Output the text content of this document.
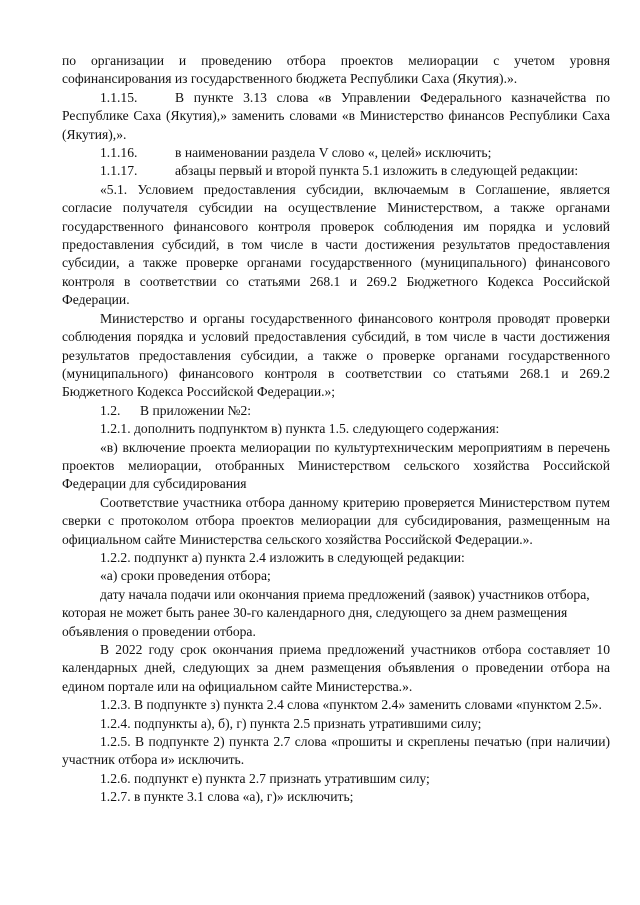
по организации и проведению отбора проектов мелиорации с учетом уровня софинансирования из государственного бюджета Республики Саха (Якутия).».

1.1.15.	В пункте 3.13 слова «в Управлении Федерального казначейства по Республике Саха (Якутия),» заменить словами «в Министерство финансов Республики Саха (Якутия),».

1.1.16.	в наименовании раздела V слово «, целей» исключить;

1.1.17.	абзацы первый и второй пункта 5.1 изложить в следующей редакции:

«5.1. Условием предоставления субсидии, включаемым в Соглашение, является согласие получателя субсидии на осуществление Министерством, а также органами государственного финансового контроля проверок соблюдения им порядка и условий предоставления субсидий, в том числе в части достижения результатов предоставления субсидии, а также проверке органами государственного (муниципального) финансового контроля в соответствии со статьями 268.1 и 269.2 Бюджетного Кодекса Российской Федерации.

Министерство и органы государственного финансового контроля проводят проверки соблюдения порядка и условий предоставления субсидий, в том числе в части достижения результатов предоставления субсидии, а также о проверке органами государственного (муниципального) финансового контроля в соответствии со статьями 268.1 и 269.2 Бюджетного Кодекса Российской Федерации.»;

1.2. В приложении №2:

1.2.1. дополнить подпунктом в) пункта 1.5. следующего содержания:

«в) включение проекта мелиорации по культуртехническим мероприятиям в перечень проектов мелиорации, отобранных Министерством сельского хозяйства Российской Федерации для субсидирования

Соответствие участника отбора данному критерию проверяется Министерством путем сверки с протоколом отбора проектов мелиорации для субсидирования, размещенным на официальном сайте Министерства сельского хозяйства Российской Федерации.».

1.2.2. подпункт а) пункта 2.4 изложить в следующей редакции:

«а) сроки проведения отбора;

дату начала подачи или окончания приема предложений (заявок) участников отбора, которая не может быть ранее 30-го календарного дня, следующего за днем размещения объявления о проведении отбора.

В 2022 году срок окончания приема предложений участников отбора составляет 10 календарных дней, следующих за днем размещения объявления о проведении отбора на едином портале или на официальном сайте Министерства.».

1.2.3. В подпункте з) пункта 2.4 слова «пунктом 2.4» заменить словами «пунктом 2.5».

1.2.4. подпункты а), б), г) пункта 2.5 признать утратившими силу;

1.2.5. В подпункте 2) пункта 2.7 слова «прошиты и скреплены печатью (при наличии) участник отбора и» исключить.

1.2.6. подпункт е) пункта 2.7 признать утратившим силу;

1.2.7. в пункте 3.1 слова «а), г)» исключить;
